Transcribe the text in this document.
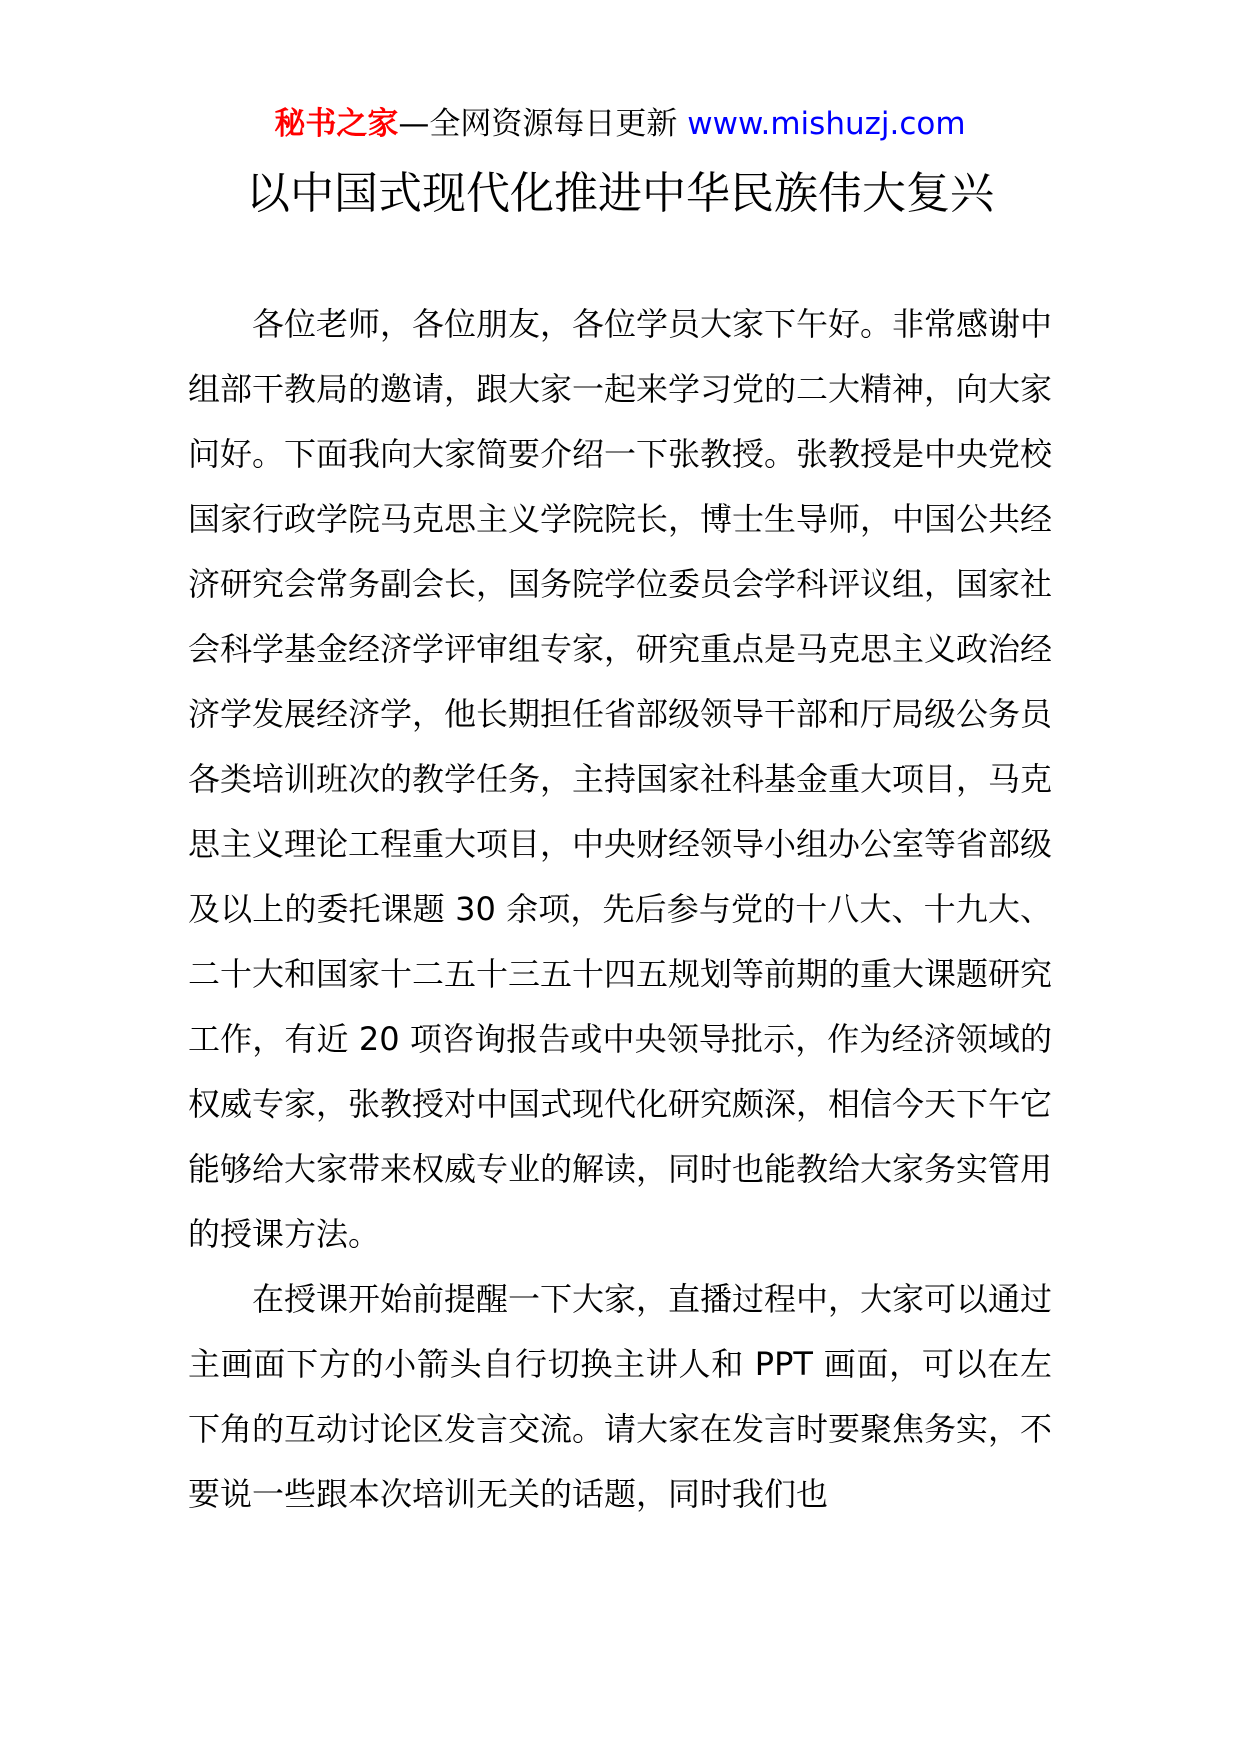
秘书之家—全网资源每日更新 www.mishuzj.com
以中国式现代化推进中华民族伟大复兴

各位老师，各位朋友，各位学员大家下午好。非常感谢中组部干教局的邀请，跟大家一起来学习党的二大精神，向大家问好。下面我向大家简要介绍一下张教授。张教授是中央党校国家行政学院马克思主义学院院长，博士生导师，中国公共经济研究会常务副会长，国务院学位委员会学科评议组，国家社会科学基金经济学评审组专家，研究重点是马克思主义政治经济学发展经济学，他长期担任省部级领导干部和厅局级公务员各类培训班次的教学任务，主持国家社科基金重大项目，马克思主义理论工程重大项目，中央财经领导小组办公室等省部级及以上的委托课题 30 余项，先后参与党的十八大、十九大、二十大和国家十二五十三五十四五规划等前期的重大课题研究工作，有近 20 项咨询报告或中央领导批示，作为经济领域的权威专家，张教授对中国式现代化研究颇深，相信今天下午它能够给大家带来权威专业的解读，同时也能教给大家务实管用的授课方法。

在授课开始前提醒一下大家，直播过程中，大家可以通过主画面下方的小箭头自行切换主讲人和 PPT 画面，可以在左下角的互动讨论区发言交流。请大家在发言时要聚焦务实，不要说一些跟本次培训无关的话题，同时我们也
